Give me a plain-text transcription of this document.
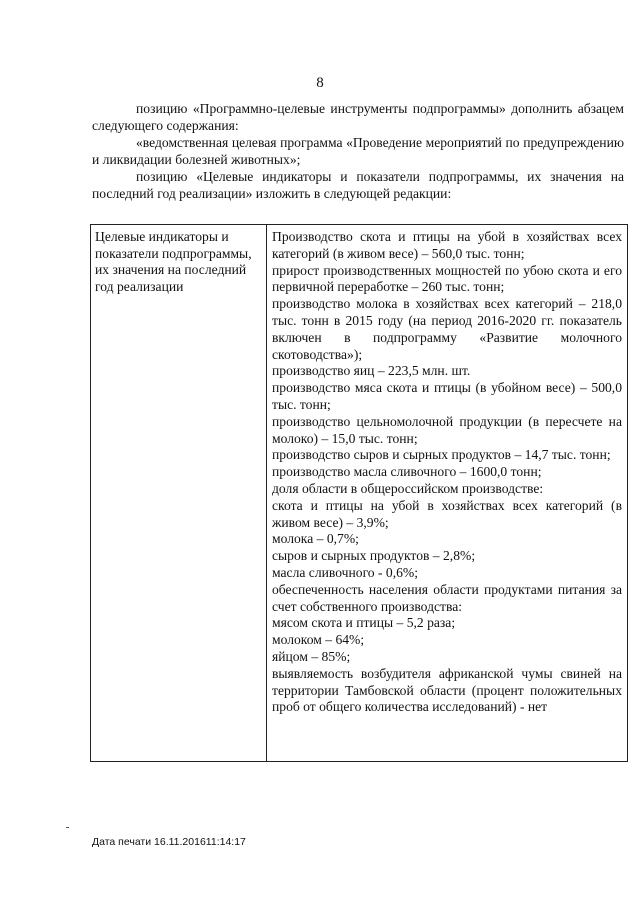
8

позицию «Программно-целевые инструменты подпрограммы» дополнить абзацем следующего содержания:

«ведомственная целевая программа «Проведение мероприятий по предупреждению и ликвидации болезней животных»;

позицию «Целевые индикаторы и показатели подпрограммы, их значения на последний год реализации» изложить в следующей редакции:

Целевые индикаторы и показатели подпрограммы, их значения на последний год реализации
Производство скота и птицы на убой в хозяйствах всех категорий (в живом весе) – 560,0 тыс. тонн;
прирост производственных мощностей по убою скота и его первичной переработке – 260 тыс. тонн;
производство молока в хозяйствах всех категорий – 218,0 тыс. тонн в 2015 году (на период 2016-2020 гг. показатель включен в подпрограмму «Развитие молочного скотоводства»);
производство яиц – 223,5 млн. шт.
производство мяса скота и птицы (в убойном весе) – 500,0 тыс. тонн;
производство цельномолочной продукции (в пересчете на молоко) – 15,0 тыс. тонн;
производство сыров и сырных продуктов – 14,7 тыс. тонн;
производство масла сливочного – 1600,0 тонн;
доля области в общероссийском производстве:
скота и птицы на убой в хозяйствах всех категорий (в живом весе) – 3,9%;
молока – 0,7%;
сыров и сырных продуктов – 2,8%;
масла сливочного - 0,6%;
обеспеченность населения области продуктами питания за счет собственного производства:
мясом скота и птицы – 5,2 раза;
молоком – 64%;
яйцом – 85%;
выявляемость возбудителя африканской чумы свиней на территории Тамбовской области (процент положительных проб от общего количества исследований) - нет
Дата печати 16.11.201611:14:17
